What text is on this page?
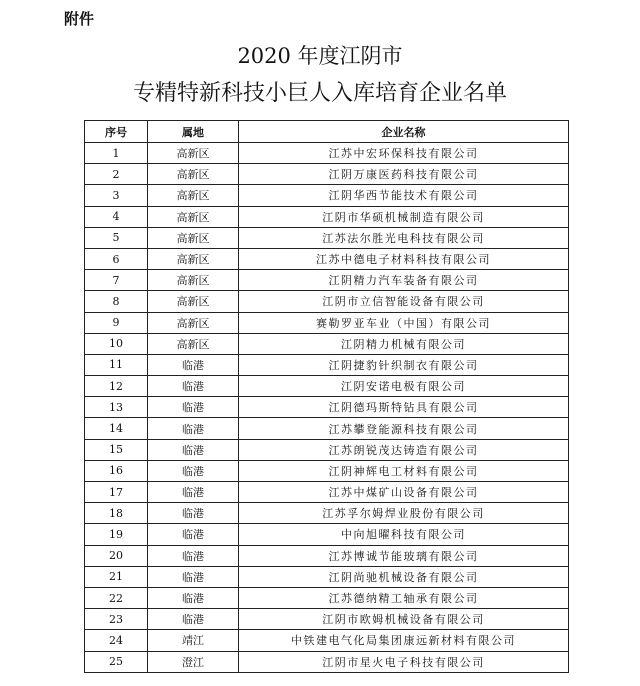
附件
2020 年度江阴市
专精特新科技小巨人入库培育企业名单
序号	属地	企业名称
1	高新区	江苏中宏环保科技有限公司
2	高新区	江阴万康医药科技有限公司
3	高新区	江阴华西节能技术有限公司
4	高新区	江阴市华硕机械制造有限公司
5	高新区	江苏法尔胜光电科技有限公司
6	高新区	江苏中德电子材料科技有限公司
7	高新区	江阴精力汽车装备有限公司
8	高新区	江阴市立信智能设备有限公司
9	高新区	赛勒罗亚车业（中国）有限公司
10	高新区	江阴精力机械有限公司
11	临港	江阴捷豹针织制衣有限公司
12	临港	江阴安诺电极有限公司
13	临港	江阴德玛斯特钻具有限公司
14	临港	江苏攀登能源科技有限公司
15	临港	江苏朗锐茂达铸造有限公司
16	临港	江阴神辉电工材料有限公司
17	临港	江苏中煤矿山设备有限公司
18	临港	江苏孚尔姆焊业股份有限公司
19	临港	中向旭曜科技有限公司
20	临港	江苏博诚节能玻璃有限公司
21	临港	江阴尚驰机械设备有限公司
22	临港	江苏德纳精工轴承有限公司
23	临港	江阴市欧姆机械设备有限公司
24	靖江	中铁建电气化局集团康远新材料有限公司
25	澄江	江阴市星火电子科技有限公司
